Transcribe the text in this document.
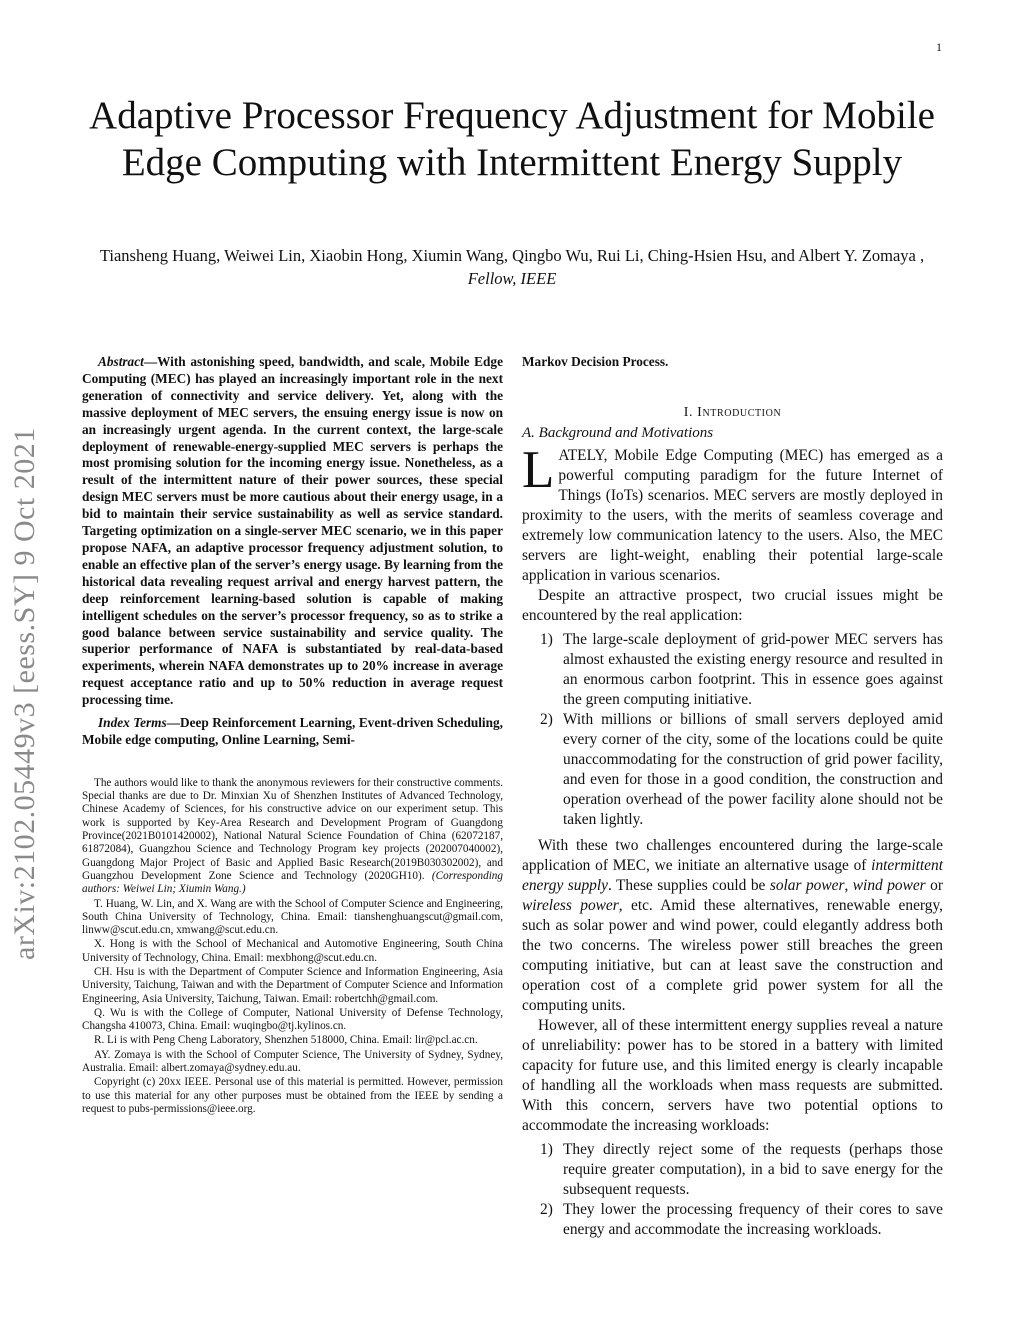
1
arXiv:2102.05449v3 [eess.SY] 9 Oct 2021
Adaptive Processor Frequency Adjustment for Mobile Edge Computing with Intermittent Energy Supply
Tiansheng Huang, Weiwei Lin, Xiaobin Hong, Xiumin Wang, Qingbo Wu, Rui Li, Ching-Hsien Hsu, and Albert Y. Zomaya , Fellow, IEEE

Abstract—With astonishing speed, bandwidth, and scale, Mobile Edge Computing (MEC) has played an increasingly important role in the next generation of connectivity and service delivery. Yet, along with the massive deployment of MEC servers, the ensuing energy issue is now on an increasingly urgent agenda. In the current context, the large-scale deployment of renewable-energy-supplied MEC servers is perhaps the most promising solution for the incoming energy issue. Nonetheless, as a result of the intermittent nature of their power sources, these special design MEC servers must be more cautious about their energy usage, in a bid to maintain their service sustainability as well as service standard. Targeting optimization on a single-server MEC scenario, we in this paper propose NAFA, an adaptive processor frequency adjustment solution, to enable an effective plan of the server’s energy usage. By learning from the historical data revealing request arrival and energy harvest pattern, the deep reinforcement learning-based solution is capable of making intelligent schedules on the server’s processor frequency, so as to strike a good balance between service sustainability and service quality. The superior performance of NAFA is substantiated by real-data-based experiments, wherein NAFA demonstrates up to 20% increase in average request acceptance ratio and up to 50% reduction in average request processing time.

Index Terms—Deep Reinforcement Learning, Event-driven Scheduling, Mobile edge computing, Online Learning, Semi-

The authors would like to thank the anonymous reviewers for their constructive comments. Special thanks are due to Dr. Minxian Xu of Shenzhen Institutes of Advanced Technology, Chinese Academy of Sciences, for his constructive advice on our experiment setup. This work is supported by Key-Area Research and Development Program of Guangdong Province(2021B0101420002), National Natural Science Foundation of China (62072187, 61872084), Guangzhou Science and Technology Program key projects (202007040002), Guangdong Major Project of Basic and Applied Basic Research(2019B030302002), and Guangzhou Development Zone Science and Technology (2020GH10). (Corresponding authors: Weiwei Lin; Xiumin Wang.)

T. Huang, W. Lin, and X. Wang are with the School of Computer Science and Engineering, South China University of Technology, China. Email: tianshenghuangscut@gmail.com, linww@scut.edu.cn, xmwang@scut.edu.cn.

X. Hong is with the School of Mechanical and Automotive Engineering, South China University of Technology, China. Email: mexbhong@scut.edu.cn.

CH. Hsu is with the Department of Computer Science and Information Engineering, Asia University, Taichung, Taiwan and with the Department of Computer Science and Information Engineering, Asia University, Taichung, Taiwan. Email: robertchh@gmail.com.

Q. Wu is with the College of Computer, National University of Defense Technology, Changsha 410073, China. Email: wuqingbo@tj.kylinos.cn.

R. Li is with Peng Cheng Laboratory, Shenzhen 518000, China. Email: lir@pcl.ac.cn.

AY. Zomaya is with the School of Computer Science, The University of Sydney, Sydney, Australia. Email: albert.zomaya@sydney.edu.au.

Copyright (c) 20xx IEEE. Personal use of this material is permitted. However, permission to use this material for any other purposes must be obtained from the IEEE by sending a request to pubs-permissions@ieee.org.

Markov Decision Process.

I. Introduction
A. Background and Motivations

LATELY, Mobile Edge Computing (MEC) has emerged as a powerful computing paradigm for the future Internet of Things (IoTs) scenarios. MEC servers are mostly deployed in proximity to the users, with the merits of seamless coverage and extremely low communication latency to the users. Also, the MEC servers are light-weight, enabling their potential large-scale application in various scenarios.

Despite an attractive prospect, two crucial issues might be encountered by the real application:

1) The large-scale deployment of grid-power MEC servers has almost exhausted the existing energy resource and resulted in an enormous carbon footprint. This in essence goes against the green computing initiative.
2) With millions or billions of small servers deployed amid every corner of the city, some of the locations could be quite unaccommodating for the construction of grid power facility, and even for those in a good condition, the construction and operation overhead of the power facility alone should not be taken lightly.

With these two challenges encountered during the large-scale application of MEC, we initiate an alternative usage of intermittent energy supply. These supplies could be solar power, wind power or wireless power, etc. Amid these alternatives, renewable energy, such as solar power and wind power, could elegantly address both the two concerns. The wireless power still breaches the green computing initiative, but can at least save the construction and operation cost of a complete grid power system for all the computing units.

However, all of these intermittent energy supplies reveal a nature of unreliability: power has to be stored in a battery with limited capacity for future use, and this limited energy is clearly incapable of handling all the workloads when mass requests are submitted. With this concern, servers have two potential options to accommodate the increasing workloads:

1) They directly reject some of the requests (perhaps those require greater computation), in a bid to save energy for the subsequent requests.
2) They lower the processing frequency of their cores to save energy and accommodate the increasing workloads.
